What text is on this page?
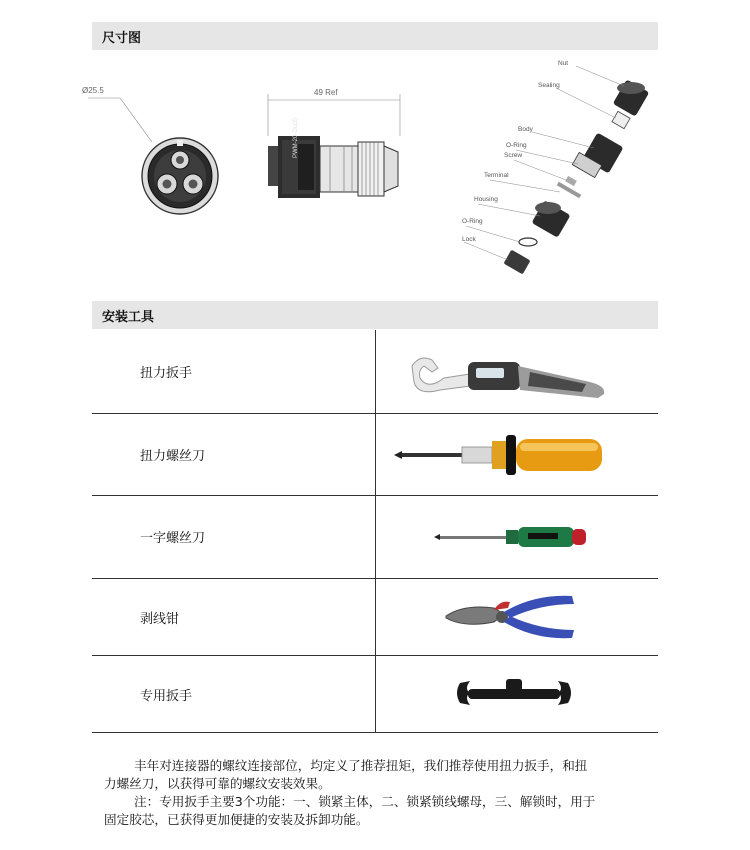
尺寸图
Ø25.5	49 Ref
PWM-20-Dc(2)
Nut
Sealing
Body
O-Ring
Screw
Terminal
Housing
O-Ring
Lock
安装工具
扭力扳手
扭力螺丝刀
一字螺丝刀
剥线钳
专用扳手
丰年对连接器的螺纹连接部位，均定义了推荐扭矩，我们推荐使用扭力扳手，和扭
力螺丝刀，以获得可靠的螺纹安装效果。
注：专用扳手主要3个功能：一、锁紧主体，二、锁紧锁线螺母，三、解锁时，用于
固定胶芯，已获得更加便捷的安装及拆卸功能。
